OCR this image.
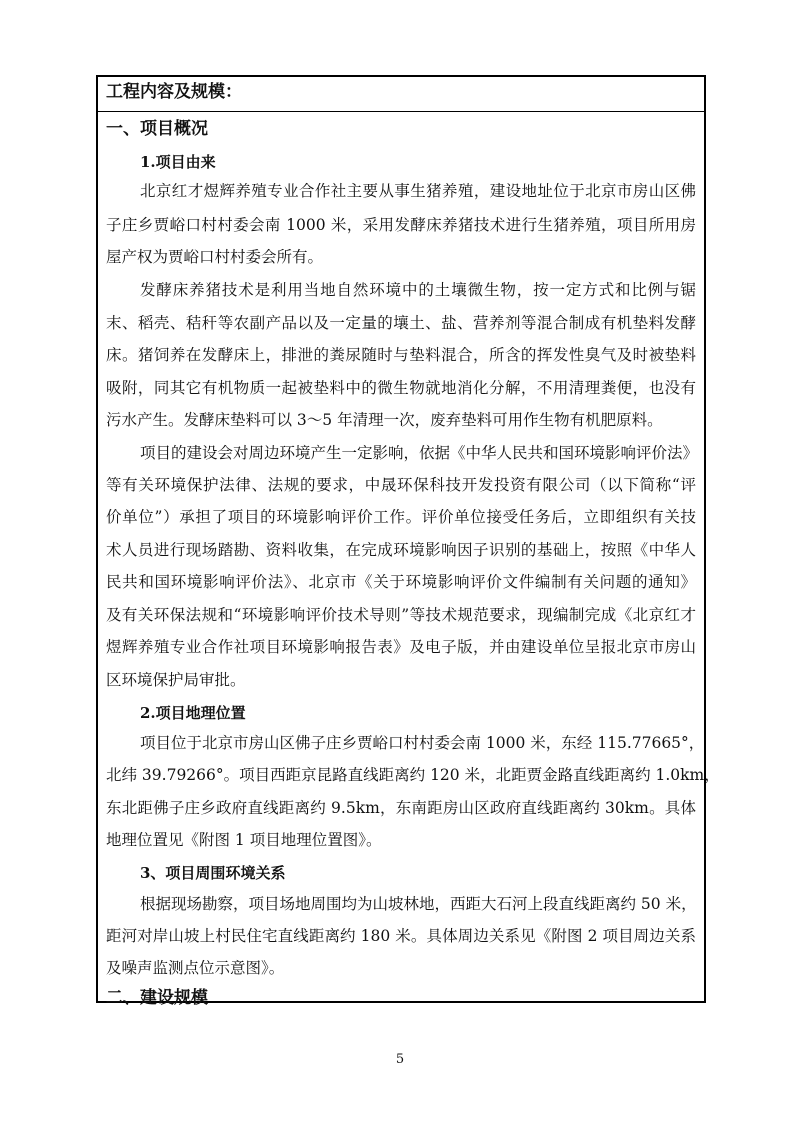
工程内容及规模：
一、项目概况
1.项目由来
北京红才煜辉养殖专业合作社主要从事生猪养殖，建设地址位于北京市房山区佛
子庄乡贾峪口村村委会南 1000 米，采用发酵床养猪技术进行生猪养殖，项目所用房
屋产权为贾峪口村村委会所有。
发酵床养猪技术是利用当地自然环境中的土壤微生物，按一定方式和比例与锯
末、稻壳、秸秆等农副产品以及一定量的壤土、盐、营养剂等混合制成有机垫料发酵
床。猪饲养在发酵床上，排泄的粪尿随时与垫料混合，所含的挥发性臭气及时被垫料
吸附，同其它有机物质一起被垫料中的微生物就地消化分解，不用清理粪便，也没有
污水产生。发酵床垫料可以 3～5 年清理一次，废弃垫料可用作生物有机肥原料。
项目的建设会对周边环境产生一定影响，依据《中华人民共和国环境影响评价法》
等有关环境保护法律、法规的要求，中晟环保科技开发投资有限公司（以下简称“评
价单位”）承担了项目的环境影响评价工作。评价单位接受任务后，立即组织有关技
术人员进行现场踏勘、资料收集，在完成环境影响因子识别的基础上，按照《中华人
民共和国环境影响评价法》、北京市《关于环境影响评价文件编制有关问题的通知》
及有关环保法规和“环境影响评价技术导则”等技术规范要求，现编制完成《北京红才
煜辉养殖专业合作社项目环境影响报告表》及电子版，并由建设单位呈报北京市房山
区环境保护局审批。
2.项目地理位置
项目位于北京市房山区佛子庄乡贾峪口村村委会南 1000 米，东经 115.77665°，
北纬 39.79266°。项目西距京昆路直线距离约 120 米，北距贾金路直线距离约 1.0km，
东北距佛子庄乡政府直线距离约 9.5km，东南距房山区政府直线距离约 30km。具体
地理位置见《附图 1 项目地理位置图》。
3、项目周围环境关系
根据现场勘察，项目场地周围均为山坡林地，西距大石河上段直线距离约 50 米，
距河对岸山坡上村民住宅直线距离约 180 米。具体周边关系见《附图 2 项目周边关系
及噪声监测点位示意图》。
二、建设规模
5
